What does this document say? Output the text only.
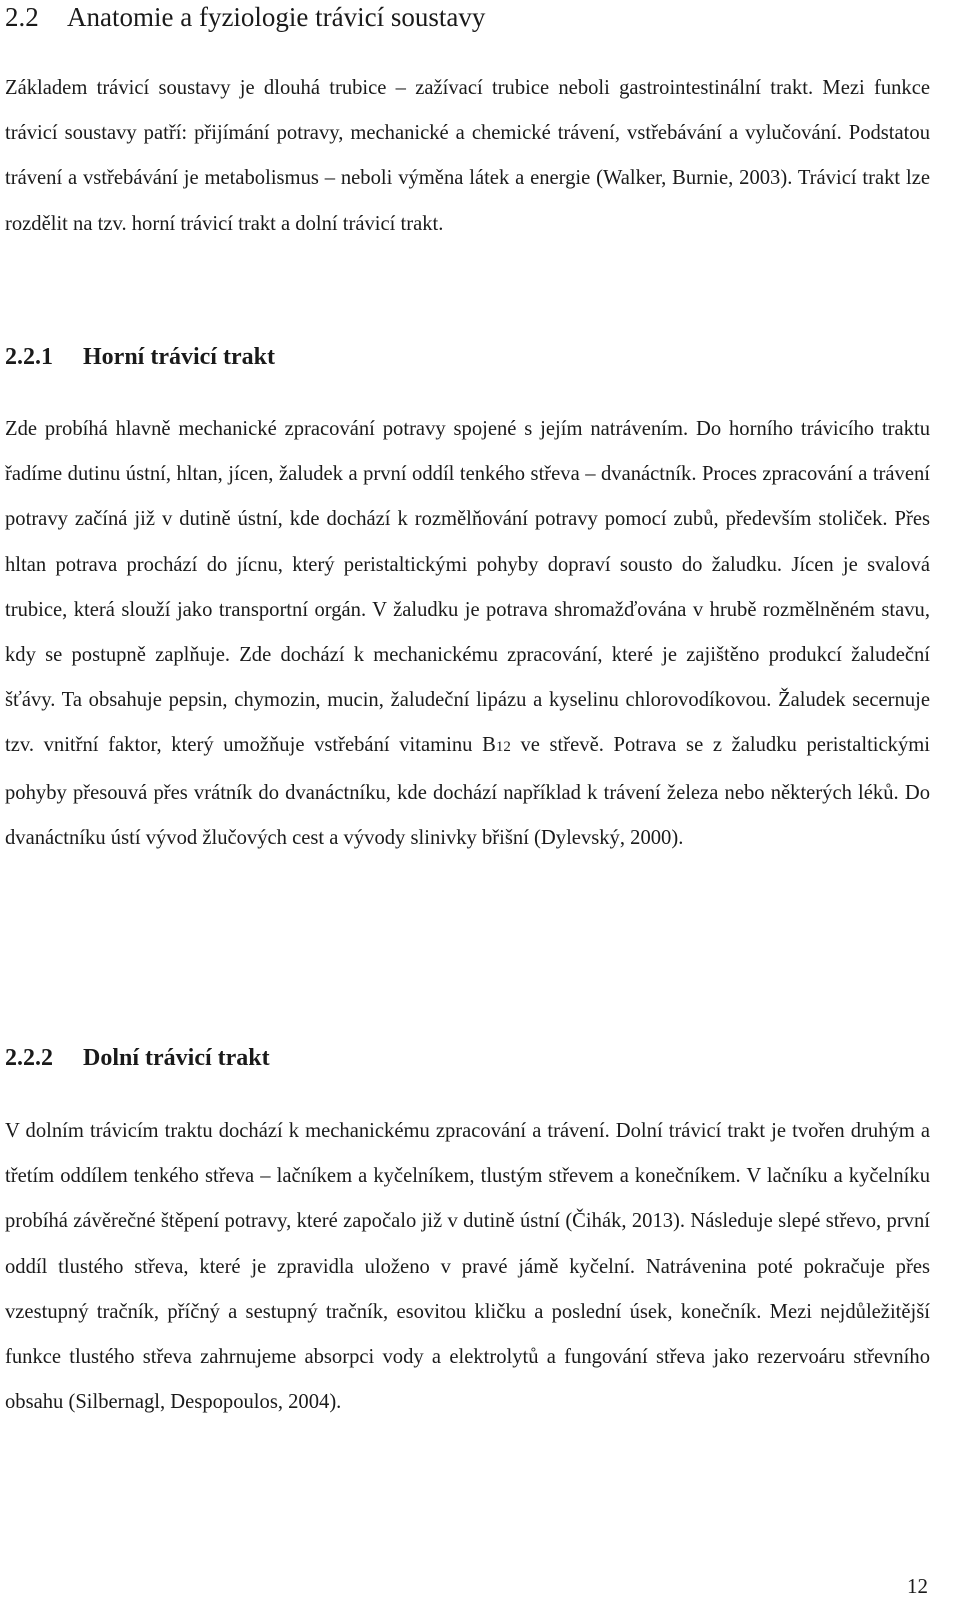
2.2 Anatomie a fyziologie trávicí soustavy

Základem trávicí soustavy je dlouhá trubice – zažívací trubice neboli gastrointestinální trakt. Mezi funkce trávicí soustavy patří: přijímání potravy, mechanické a chemické trávení, vstřebávání a vylučování. Podstatou trávení a vstřebávání je metabolismus – neboli výměna látek a energie (Walker, Burnie, 2003). Trávicí trakt lze rozdělit na tzv. horní trávicí trakt a dolní trávicí trakt.

2.2.1 Horní trávicí trakt

Zde probíhá hlavně mechanické zpracování potravy spojené s jejím natrávením. Do horního trávicího traktu řadíme dutinu ústní, hltan, jícen, žaludek a první oddíl tenkého střeva – dvanáctník. Proces zpracování a trávení potravy začíná již v dutině ústní, kde dochází k rozmělňování potravy pomocí zubů, především stoliček. Přes hltan potrava prochází do jícnu, který peristaltickými pohyby dopraví sousto do žaludku. Jícen je svalová trubice, která slouží jako transportní orgán. V žaludku je potrava shromažďována v hrubě rozmělněném stavu, kdy se postupně zaplňuje. Zde dochází k mechanickému zpracování, které je zajištěno produkcí žaludeční šťávy. Ta obsahuje pepsin, chymozin, mucin, žaludeční lipázu a kyselinu chlorovodíkovou. Žaludek secernuje tzv. vnitřní faktor, který umožňuje vstřebání vitaminu B12 ve střevě. Potrava se z žaludku peristaltickými pohyby přesouvá přes vrátník do dvanáctníku, kde dochází například k trávení železa nebo některých léků. Do dvanáctníku ústí vývod žlučových cest a vývody slinivky břišní (Dylevský, 2000).

2.2.2 Dolní trávicí trakt

V dolním trávicím traktu dochází k mechanickému zpracování a trávení. Dolní trávicí trakt je tvořen druhým a třetím oddílem tenkého střeva – lačníkem a kyčelníkem, tlustým střevem a konečníkem. V lačníku a kyčelníku probíhá závěrečné štěpení potravy, které započalo již v dutině ústní (Čihák, 2013). Následuje slepé střevo, první oddíl tlustého střeva, které je zpravidla uloženo v pravé jámě kyčelní. Natrávenina poté pokračuje přes vzestupný tračník, příčný a sestupný tračník, esovitou kličku a poslední úsek, konečník. Mezi nejdůležitější funkce tlustého střeva zahrnujeme absorpci vody a elektrolytů a fungování střeva jako rezervoáru střevního obsahu (Silbernagl, Despopoulos, 2004).

12
